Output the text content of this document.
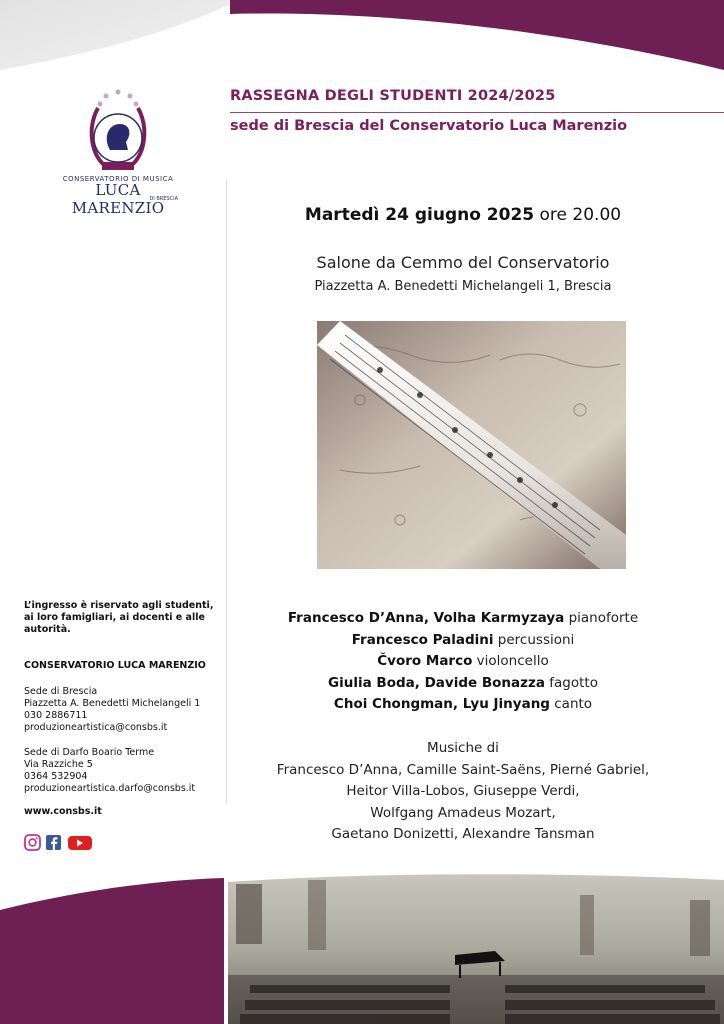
CONSERVATORIO DI MUSICA
LUCA MARENZIO
DI BRESCIA
RASSEGNA DEGLI STUDENTI 2024/2025
sede di Brescia del Conservatorio Luca Marenzio
Martedì 24 giugno 2025 ore 20.00
Salone da Cemmo del Conservatorio
Piazzetta A. Benedetti Michelangeli 1, Brescia
Francesco D’Anna, Volha Karmyzaya pianoforte
Francesco Paladini percussioni
Čvoro Marco violoncello
Giulia Boda, Davide Bonazza fagotto
Choi Chongman, Lyu Jinyang canto
Musiche di
Francesco D’Anna, Camille Saint-Saëns, Pierné Gabriel,
Heitor Villa-Lobos, Giuseppe Verdi,
Wolfgang Amadeus Mozart,
Gaetano Donizetti, Alexandre Tansman
L’ingresso è riservato agli studenti, ai loro famigliari, ai docenti e alle autorità.
CONSERVATORIO LUCA MARENZIO
Sede di Brescia
Piazzetta A. Benedetti Michelangeli 1
030 2886711
produzioneartistica@consbs.it
Sede di Darfo Boario Terme
Via Razziche 5
0364 532904
produzioneartistica.darfo@consbs.it
www.consbs.it
